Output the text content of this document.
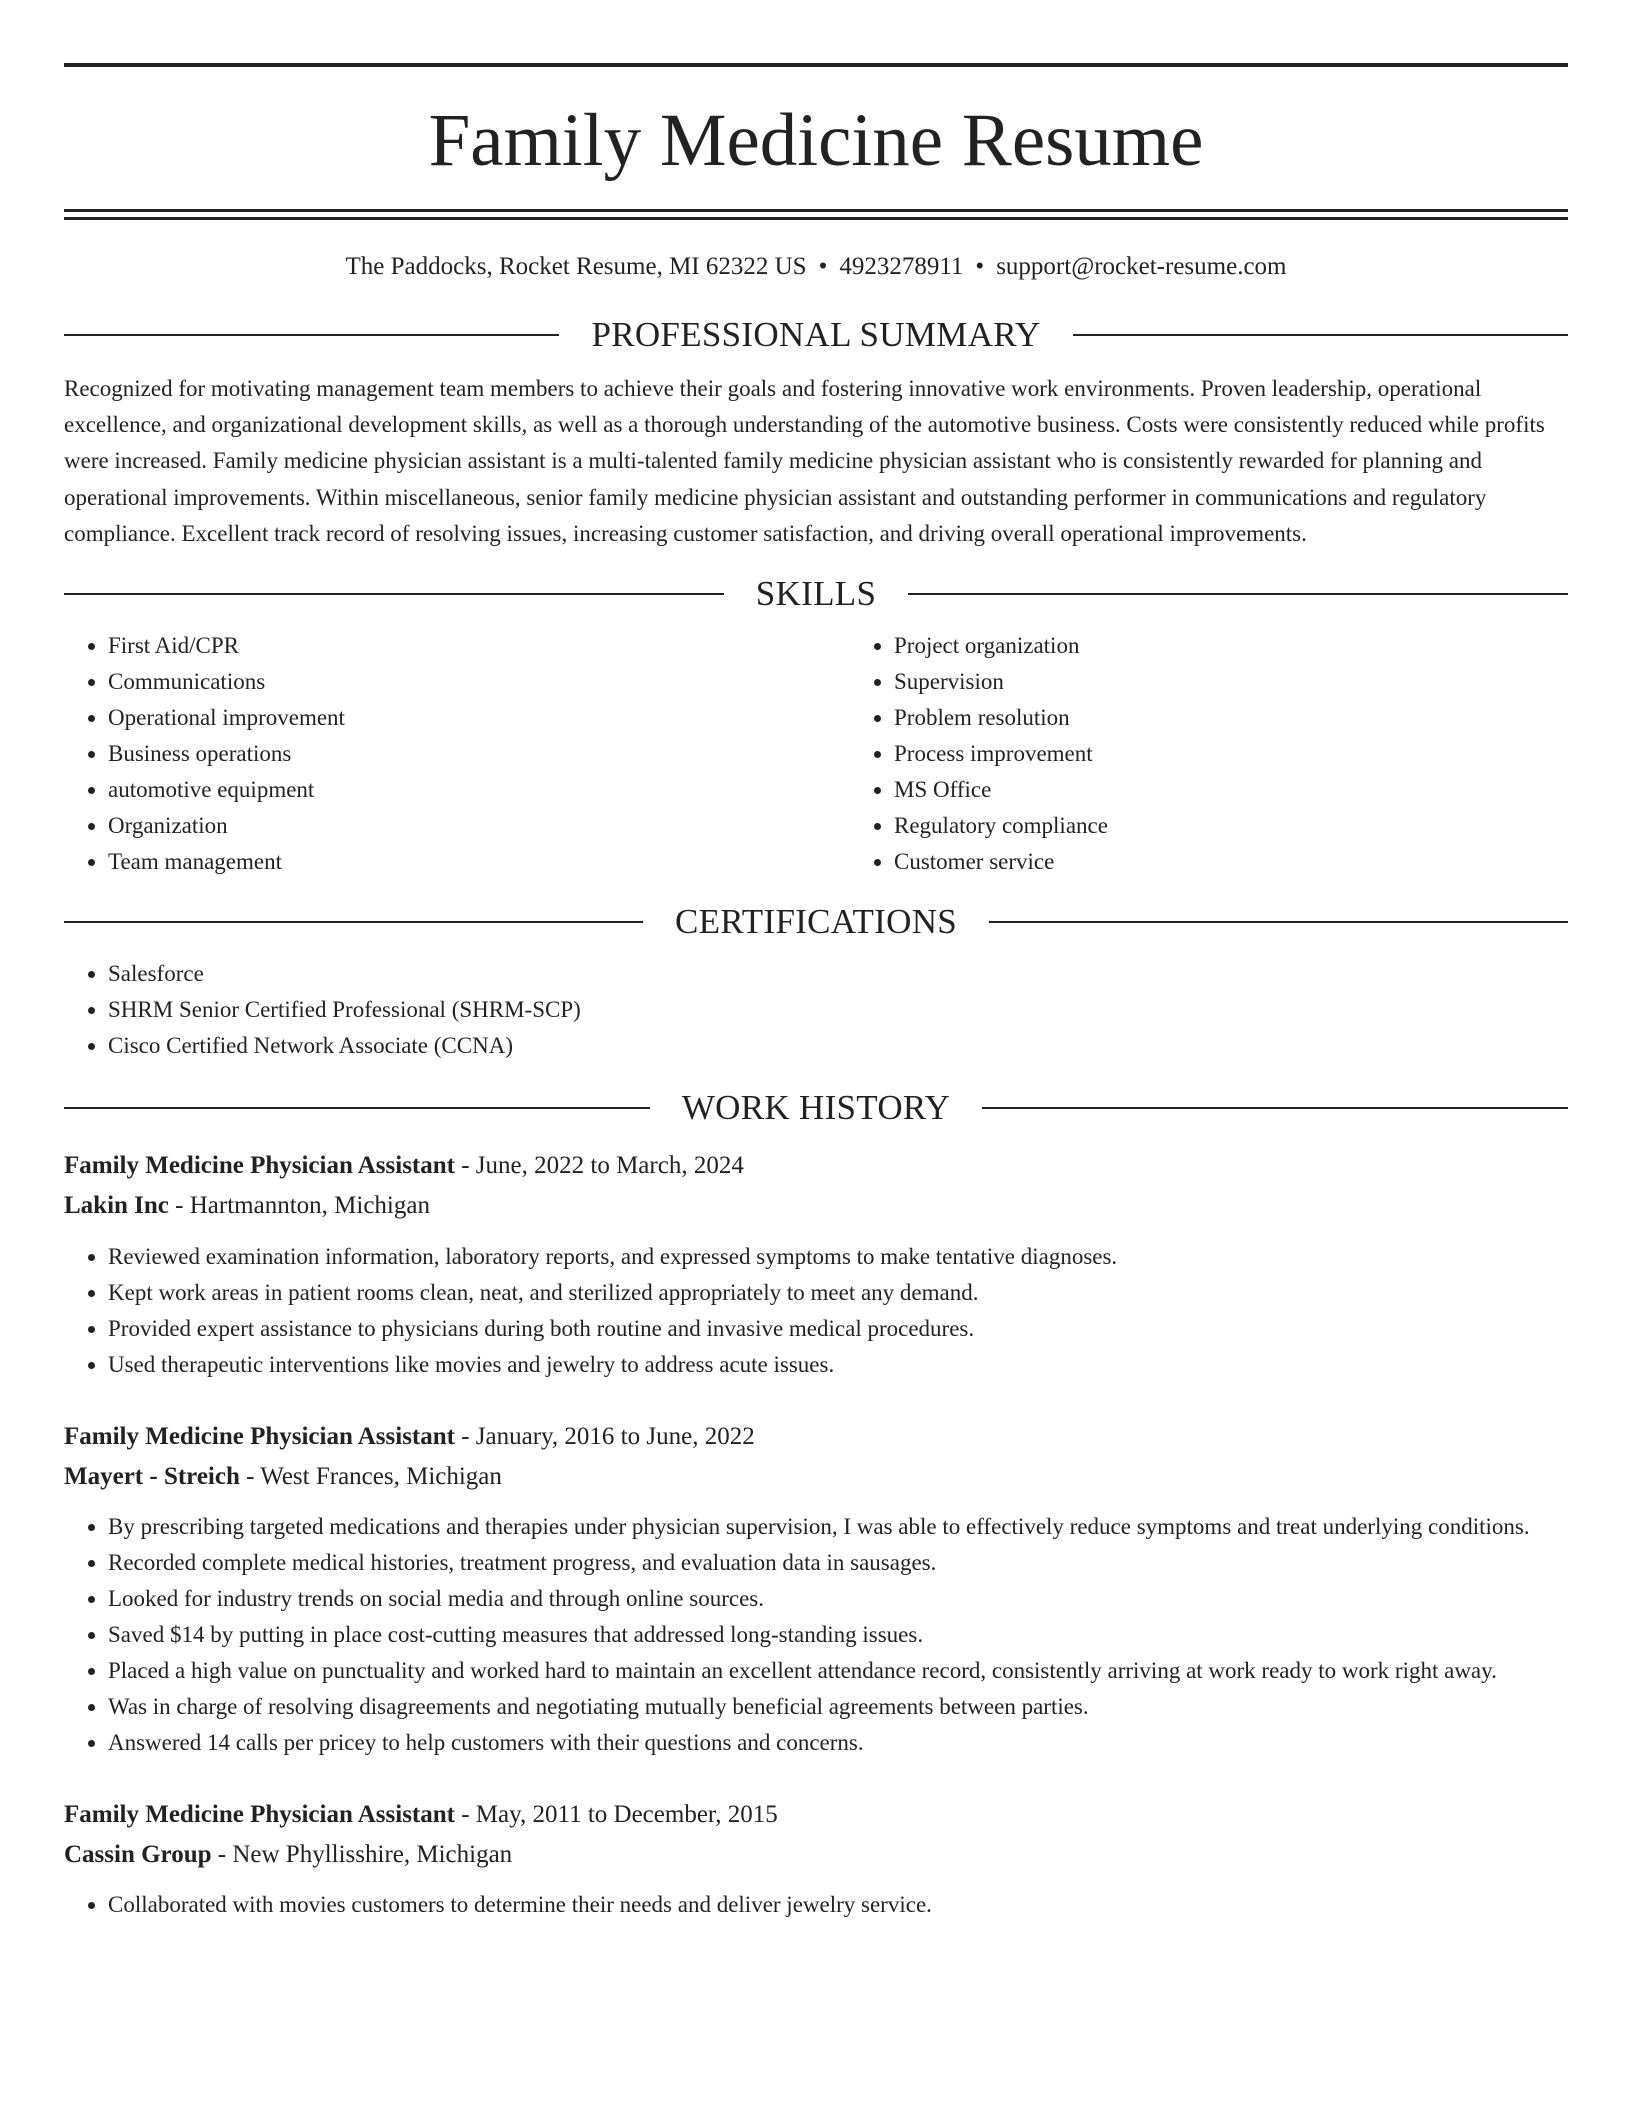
Family Medicine Resume
The Paddocks, Rocket Resume, MI 62322 US • 4923278911 • support@rocket-resume.com
PROFESSIONAL SUMMARY

Recognized for motivating management team members to achieve their goals and fostering innovative work environments. Proven leadership, operational excellence, and organizational development skills, as well as a thorough understanding of the automotive business. Costs were consistently reduced while profits were increased. Family medicine physician assistant is a multi-talented family medicine physician assistant who is consistently rewarded for planning and operational improvements. Within miscellaneous, senior family medicine physician assistant and outstanding performer in communications and regulatory compliance. Excellent track record of resolving issues, increasing customer satisfaction, and driving overall operational improvements.

SKILLS
• First Aid/CPR
• Communications
• Operational improvement
• Business operations
• automotive equipment
• Organization
• Team management
• Project organization
• Supervision
• Problem resolution
• Process improvement
• MS Office
• Regulatory compliance
• Customer service
CERTIFICATIONS
• Salesforce
• SHRM Senior Certified Professional (SHRM-SCP)
• Cisco Certified Network Associate (CCNA)
WORK HISTORY
Family Medicine Physician Assistant - June, 2022 to March, 2024
Lakin Inc - Hartmannton, Michigan
• Reviewed examination information, laboratory reports, and expressed symptoms to make tentative diagnoses.
• Kept work areas in patient rooms clean, neat, and sterilized appropriately to meet any demand.
• Provided expert assistance to physicians during both routine and invasive medical procedures.
• Used therapeutic interventions like movies and jewelry to address acute issues.
Family Medicine Physician Assistant - January, 2016 to June, 2022
Mayert - Streich - West Frances, Michigan
• By prescribing targeted medications and therapies under physician supervision, I was able to effectively reduce symptoms and treat underlying conditions.
• Recorded complete medical histories, treatment progress, and evaluation data in sausages.
• Looked for industry trends on social media and through online sources.
• Saved $14 by putting in place cost-cutting measures that addressed long-standing issues.
• Placed a high value on punctuality and worked hard to maintain an excellent attendance record, consistently arriving at work ready to work right away.
• Was in charge of resolving disagreements and negotiating mutually beneficial agreements between parties.
• Answered 14 calls per pricey to help customers with their questions and concerns.
Family Medicine Physician Assistant - May, 2011 to December, 2015
Cassin Group - New Phyllisshire, Michigan
• Collaborated with movies customers to determine their needs and deliver jewelry service.
